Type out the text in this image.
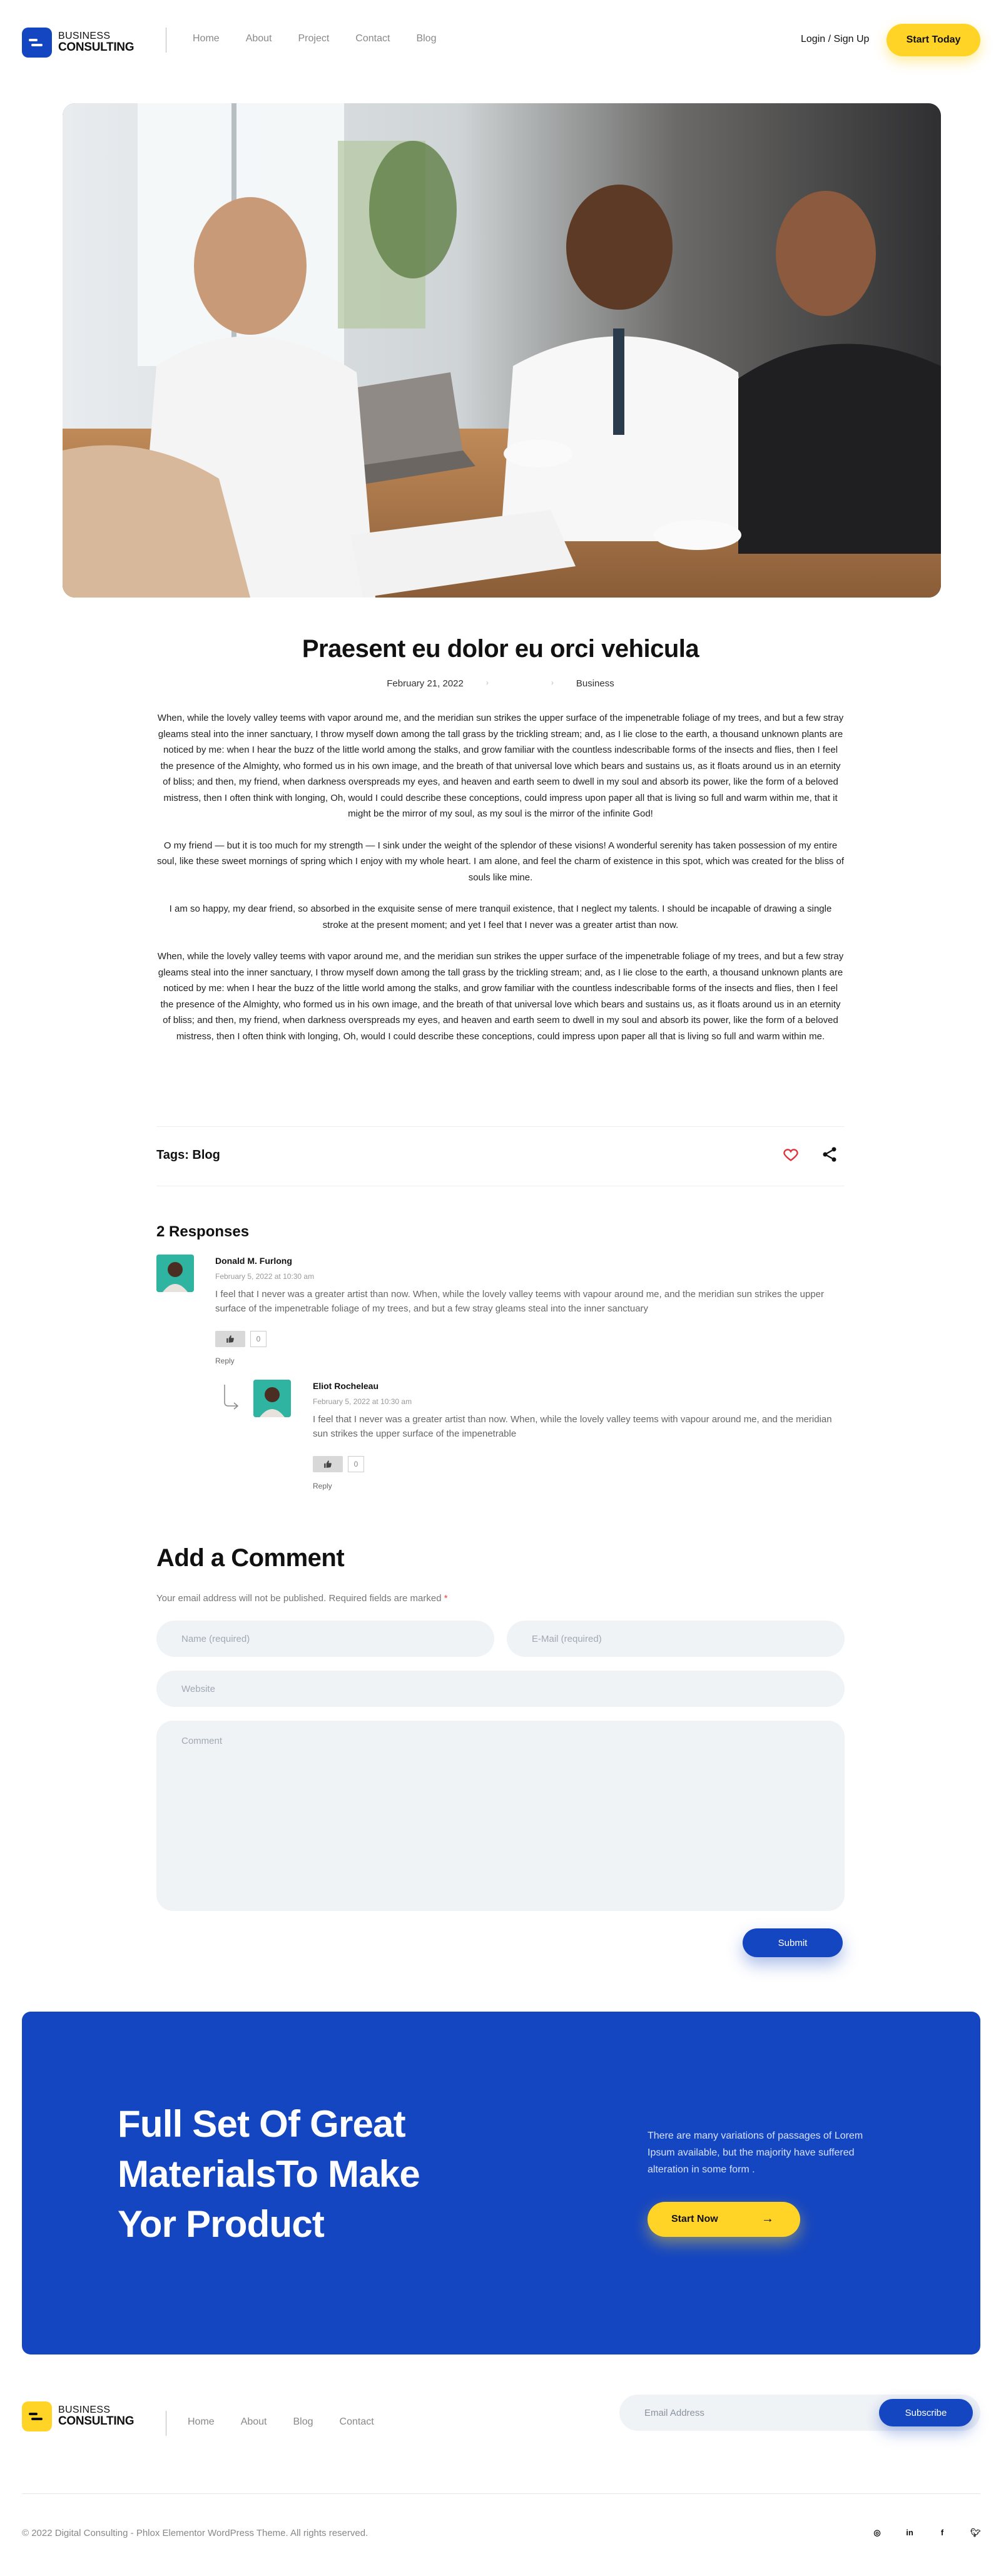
BUSINESS
CONSULTING
Home	About	Project	Contact	Blog	Login / Sign Up	Start Today
Praesent eu dolor eu orci vehicula
February 21, 2022	›	› Business

When, while the lovely valley teems with vapor around me, and the meridian sun strikes the upper surface of the impenetrable foliage of my trees, and but a few stray gleams steal into the inner sanctuary, I throw myself down among the tall grass by the trickling stream; and, as I lie close to the earth, a thousand unknown plants are noticed by me: when I hear the buzz of the little world among the stalks, and grow familiar with the countless indescribable forms of the insects and flies, then I feel the presence of the Almighty, who formed us in his own image, and the breath of that universal love which bears and sustains us, as it floats around us in an eternity of bliss; and then, my friend, when darkness overspreads my eyes, and heaven and earth seem to dwell in my soul and absorb its power, like the form of a beloved mistress, then I often think with longing, Oh, would I could describe these conceptions, could impress upon paper all that is living so full and warm within me, that it might be the mirror of my soul, as my soul is the mirror of the infinite God!

O my friend — but it is too much for my strength — I sink under the weight of the splendor of these visions! A wonderful serenity has taken possession of my entire soul, like these sweet mornings of spring which I enjoy with my whole heart. I am alone, and feel the charm of existence in this spot, which was created for the bliss of souls like mine.

I am so happy, my dear friend, so absorbed in the exquisite sense of mere tranquil existence, that I neglect my talents. I should be incapable of drawing a single stroke at the present moment; and yet I feel that I never was a greater artist than now.

When, while the lovely valley teems with vapor around me, and the meridian sun strikes the upper surface of the impenetrable foliage of my trees, and but a few stray gleams steal into the inner sanctuary, I throw myself down among the tall grass by the trickling stream; and, as I lie close to the earth, a thousand unknown plants are noticed by me: when I hear the buzz of the little world among the stalks, and grow familiar with the countless indescribable forms of the insects and flies, then I feel the presence of the Almighty, who formed us in his own image, and the breath of that universal love which bears and sustains us, as it floats around us in an eternity of bliss; and then, my friend, when darkness overspreads my eyes, and heaven and earth seem to dwell in my soul and absorb its power, like the form of a beloved mistress, then I often think with longing, Oh, would I could describe these conceptions, could impress upon paper all that is living so full and warm within me.

Tags: Blog
2 Responses
Donald M. Furlong
February 5, 2022 at 10:30 am
I feel that I never was a greater artist than now. When, while the lovely valley teems with vapour around me, and the meridian sun strikes the upper surface of the impenetrable foliage of my trees, and but a few stray gleams steal into the inner sanctuary
0
Reply
Eliot Rochelеau
February 5, 2022 at 10:30 am
I feel that I never was a greater artist than now. When, while the lovely valley teems with vapour around me, and the meridian sun strikes the upper surface of the impenetrable
0
Reply
Add a Comment
Your email address will not be published. Required fields are marked *
Name (required)
E-Mail (required)
Website
Comment
Submit
Full Set Of Great MaterialsTo Make Yor Product

There are many variations of passages of Lorem Ipsum available, but the majority have suffered alteration in some form .

Start Now	→
BUSINESS
CONSULTING	Home	About	Blog	Contact
Email Address
Subscribe
© 2022 Digital Consulting - Phlox Elementor WordPress Theme. All rights reserved.	◎	in	f	🐦︎
